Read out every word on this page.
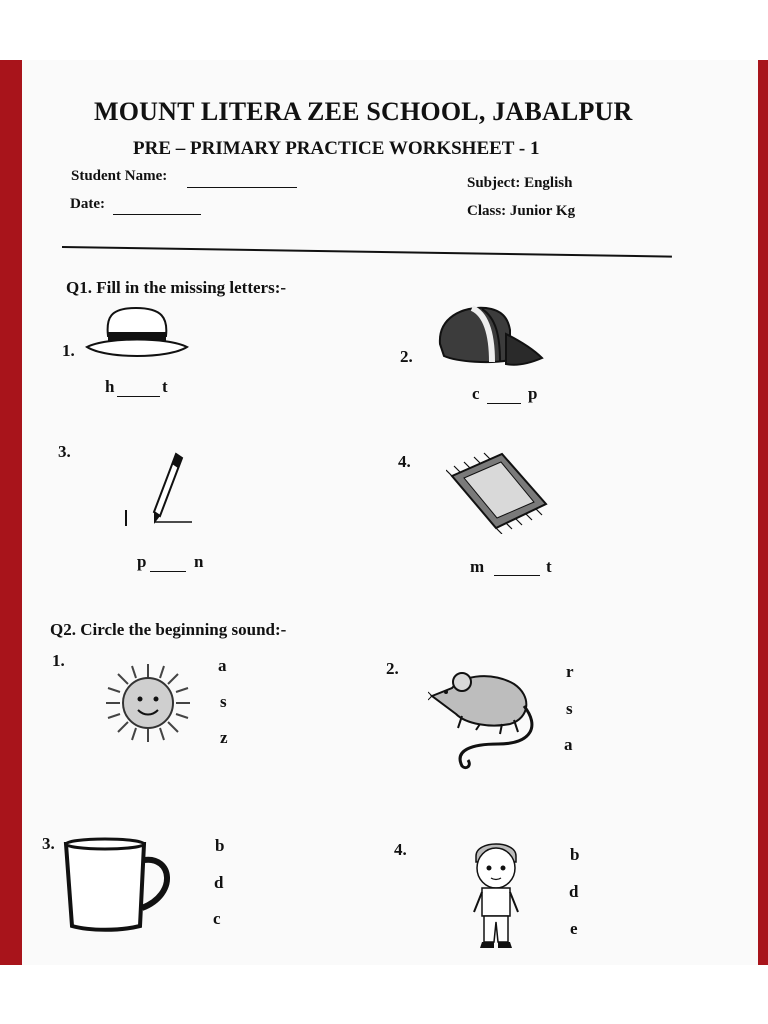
MOUNT LITERA ZEE SCHOOL, JABALPUR
PRE – PRIMARY PRACTICE WORKSHEET - 1
Student Name:
Date:
Subject: English
Class: Junior Kg
Q1. Fill in the missing letters:-
1.
h	t
2.
c	p
3.
p	n
4.
m	t
Q2. Circle the beginning sound:-
1.	a
s
z
2.	r
s
a
3.	b
d
c
4.	b
d
e
